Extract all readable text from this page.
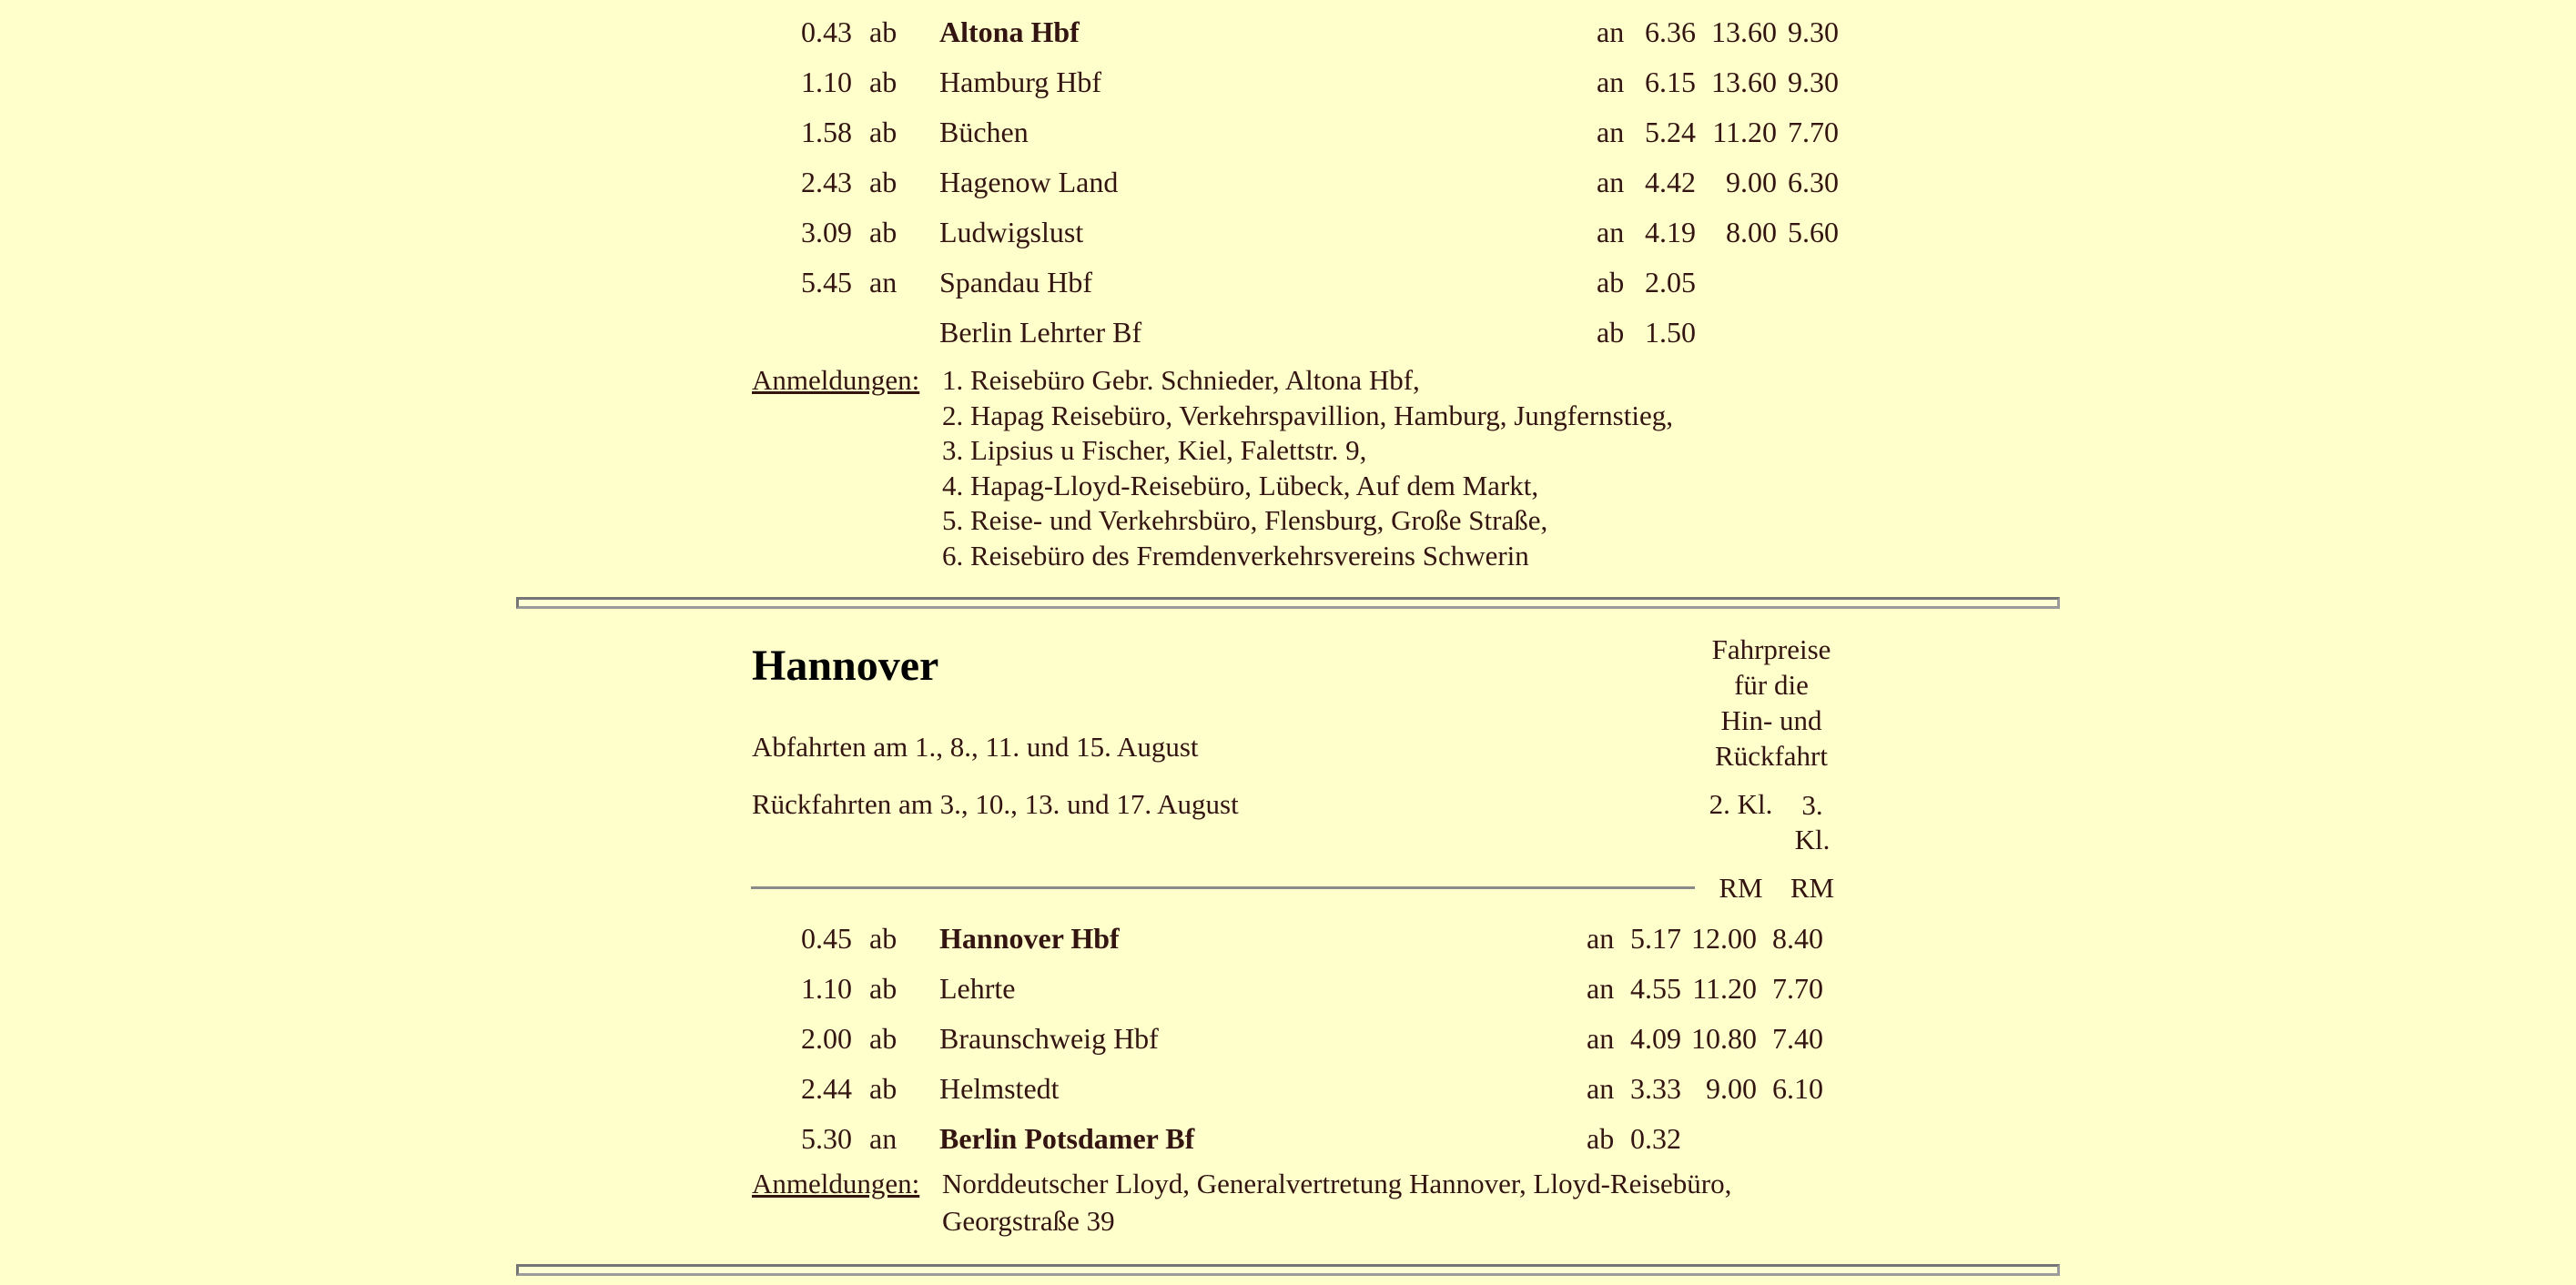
0.43 ab	Altona Hbf	an 6.36 13.60 9.30
1.10 ab	Hamburg Hbf	an 6.15 13.60 9.30
1.58 ab	Büchen	an 5.24 11.20 7.70
2.43 ab	Hagenow Land	an 4.42	9.00 6.30
3.09 ab	Ludwigslust	an 4.19	8.00 5.60
5.45 an	Spandau Hbf	ab 2.05
Berlin Lehrter Bf	ab 1.50
Anmeldungen: 1. Reisebüro Gebr. Schnieder, Altona Hbf,
2. Hapag Reisebüro, Verkehrspavillion, Hamburg, Jungfernstieg,
3. Lipsius u Fischer, Kiel, Falettstr. 9,
4. Hapag-Lloyd-Reisebüro, Lübeck, Auf dem Markt,
5. Reise- und Verkehrsbüro, Flensburg, Große Straße,
6. Reisebüro des Fremdenverkehrsvereins Schwerin
Hannover
Abfahrten am 1., 8., 11. und 15. August
Rückfahrten am 3., 10., 13. und 17. August
Fahrpreise
für die
Hin- und
Rückfahrt
2. Kl.	3. Kl.
RM RM
0.45 ab	Hannover Hbf	an 5.17 12.00 8.40
1.10 ab	Lehrte	an 4.55 11.20 7.70
2.00 ab	Braunschweig Hbf	an 4.09 10.80 7.40
2.44 ab	Helmstedt	an 3.33 9.00 6.10
5.30 an	Berlin Potsdamer Bf	ab 0.32
Anmeldungen: Norddeutscher Lloyd, Generalvertretung Hannover, Lloyd-Reisebüro,
Georgstraße 39
